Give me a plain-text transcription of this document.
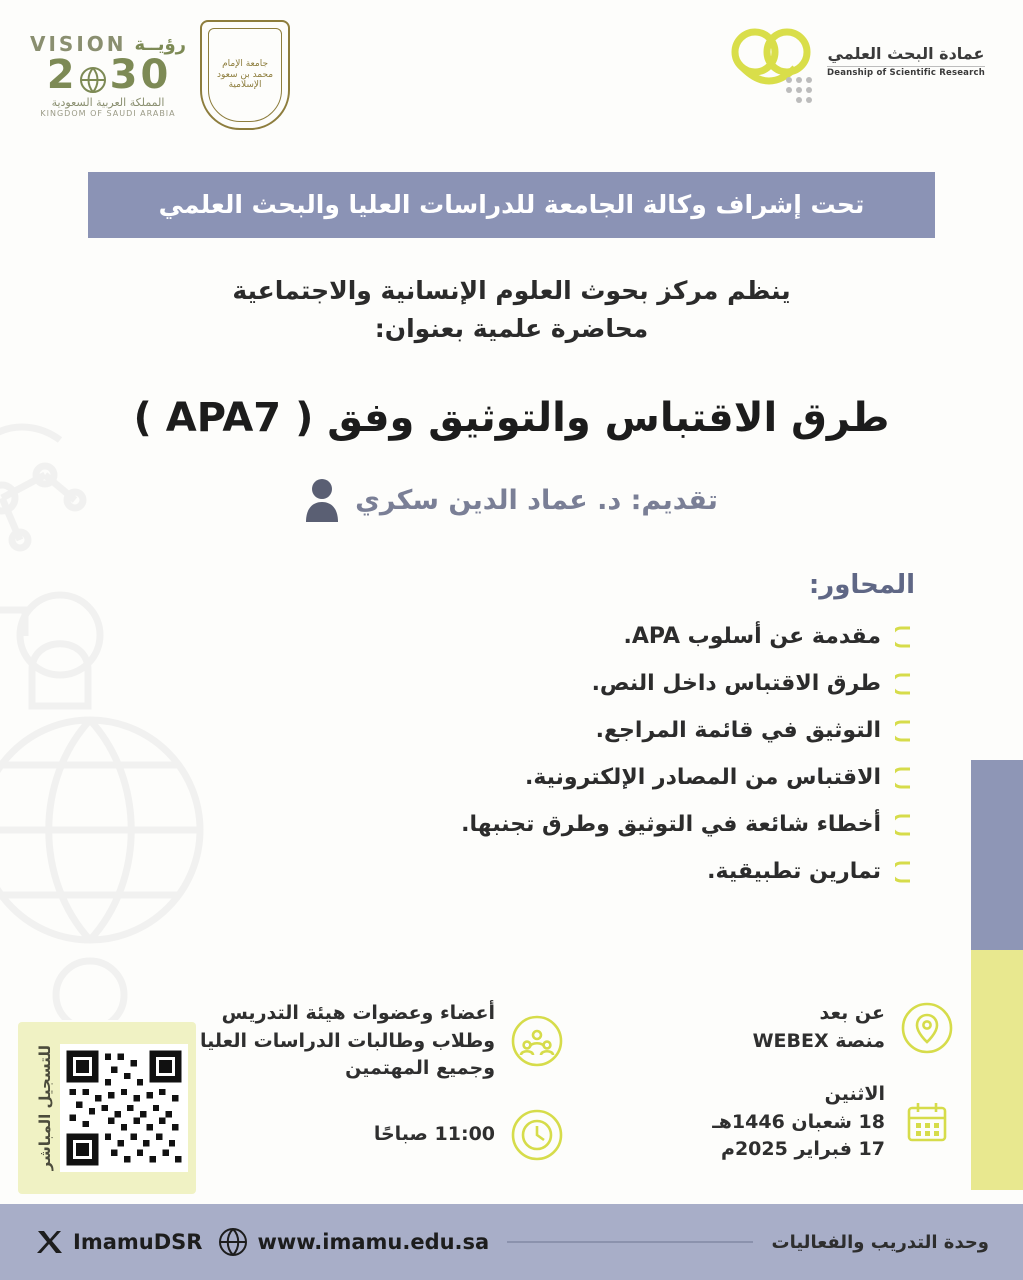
عمادة البحث العلمي
Deanship of Scientific Research
VISION رؤيــة
2 3 0
المملكة العربية السعودية
KINGDOM OF SAUDI ARABIA
جامعة الإمام محمد بن سعود الإسلامية
تحت إشراف وكالة الجامعة للدراسات العليا والبحث العلمي
ينظم مركز بحوث العلوم الإنسانية والاجتماعية
محاضرة علمية بعنوان:
طرق الاقتباس والتوثيق وفق ( APA7 )
تقديم: د. عماد الدين سكري
المحاور:
مقدمة عن أسلوب APA.
طرق الاقتباس داخل النص.
التوثيق في قائمة المراجع.
الاقتباس من المصادر الإلكترونية.
أخطاء شائعة في التوثيق وطرق تجنبها.
تمارين تطبيقية.
عن بعد
منصة WEBEX
الاثنين
18 شعبان 1446هـ
17 فبراير 2025م
أعضاء وعضوات هيئة التدريس
وطلاب وطالبات الدراسات العليا
وجميع المهتمين
11:00 صباحًا
للتسجيل المباشر
وحدة التدريب والفعاليات
ImamuDSR	www.imamu.edu.sa
